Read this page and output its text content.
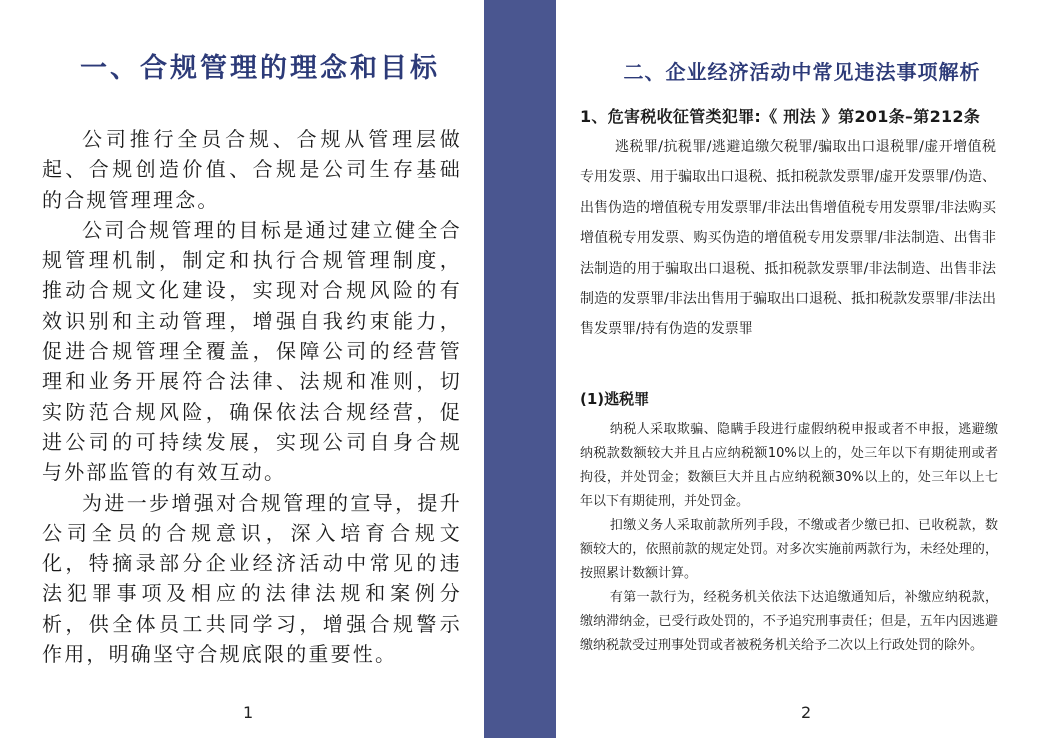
一、合规管理的理念和目标

公司推行全员合规、合规从管理层做起、合规创造价值、合规是公司生存基础的合规管理理念。

公司合规管理的目标是通过建立健全合规管理机制，制定和执行合规管理制度，推动合规文化建设，实现对合规风险的有效识别和主动管理，增强自我约束能力，促进合规管理全覆盖，保障公司的经营管理和业务开展符合法律、法规和准则，切实防范合规风险，确保依法合规经营，促进公司的可持续发展，实现公司自身合规与外部监管的有效互动。

为进一步增强对合规管理的宣导，提升公司全员的合规意识，深入培育合规文化，特摘录部分企业经济活动中常见的违法犯罪事项及相应的法律法规和案例分析，供全体员工共同学习，增强合规警示作用，明确坚守合规底限的重要性。

1
二、企业经济活动中常见违法事项解析
1、危害税收征管类犯罪:《 刑法 》第201条–第212条

逃税罪/抗税罪/逃避追缴欠税罪/骗取出口退税罪/虚开增值税专用发票、用于骗取出口退税、抵扣税款发票罪/虚开发票罪/伪造、出售伪造的增值税专用发票罪/非法出售增值税专用发票罪/非法购买增值税专用发票、购买伪造的增值税专用发票罪/非法制造、出售非法制造的用于骗取出口退税、抵扣税款发票罪/非法制造、出售非法制造的发票罪/非法出售用于骗取出口退税、抵扣税款发票罪/非法出售发票罪/持有伪造的发票罪

(1)逃税罪

纳税人采取欺骗、隐瞒手段进行虚假纳税申报或者不申报，逃避缴纳税款数额较大并且占应纳税额10%以上的，处三年以下有期徒刑或者拘役，并处罚金；数额巨大并且占应纳税额30%以上的，处三年以上七年以下有期徒刑，并处罚金。

扣缴义务人采取前款所列手段，不缴或者少缴已扣、已收税款，数额较大的，依照前款的规定处罚。对多次实施前两款行为，未经处理的，按照累计数额计算。

有第一款行为，经税务机关依法下达追缴通知后，补缴应纳税款，缴纳滞纳金，已受行政处罚的，不予追究刑事责任；但是，五年内因逃避缴纳税款受过刑事处罚或者被税务机关给予二次以上行政处罚的除外。

2
